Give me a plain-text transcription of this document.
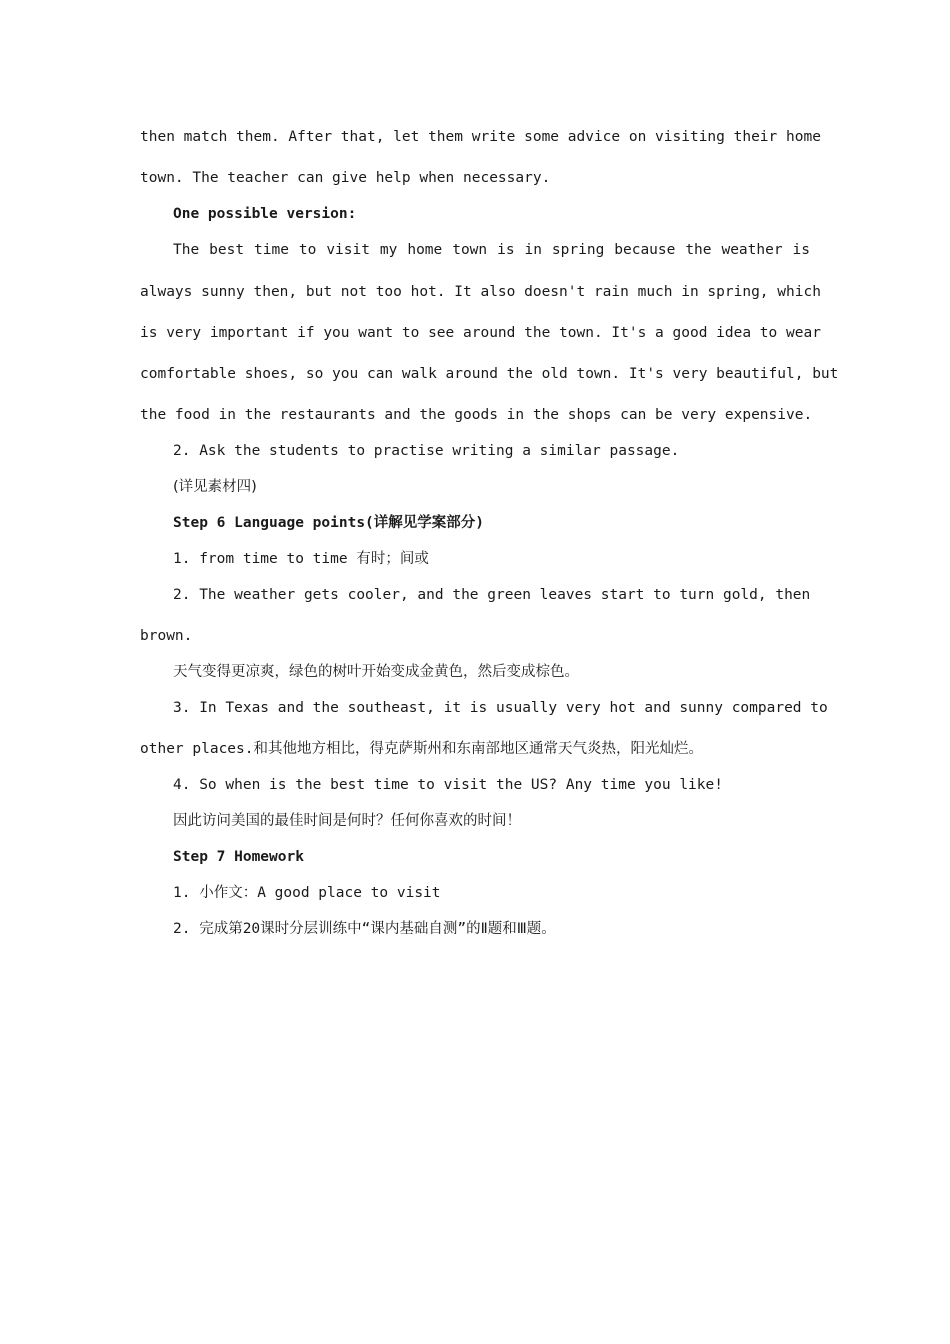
then match them. After that, let them write some advice on visiting their home
town. The teacher can give help when necessary.
One possible version:
The best time to visit my home town is in spring because the weather is
always sunny then, but not too hot. It also doesn't rain much in spring, which
is very important if you want to see around the town. It's a good idea to wear
comfortable shoes, so you can walk around the old town. It's very beautiful, but
the food in the restaurants and the goods in the shops can be very expensive.
2. Ask the students to practise writing a similar passage.
(详见素材四)
Step 6 Language points(详解见学案部分)
1. from time to time 有时；间或
2. The weather gets cooler, and the green leaves start to turn gold, then
brown.
天气变得更凉爽，绿色的树叶开始变成金黄色，然后变成棕色。
3. In Texas and the southeast, it is usually very hot and sunny compared to
other places.和其他地方相比，得克萨斯州和东南部地区通常天气炎热，阳光灿烂。
4. So when is the best time to visit the US? Any time you like!
因此访问美国的最佳时间是何时？任何你喜欢的时间！
Step 7 Homework
1. 小作文：A good place to visit
2. 完成第20课时分层训练中“课内基础自测”的Ⅱ题和Ⅲ题。
